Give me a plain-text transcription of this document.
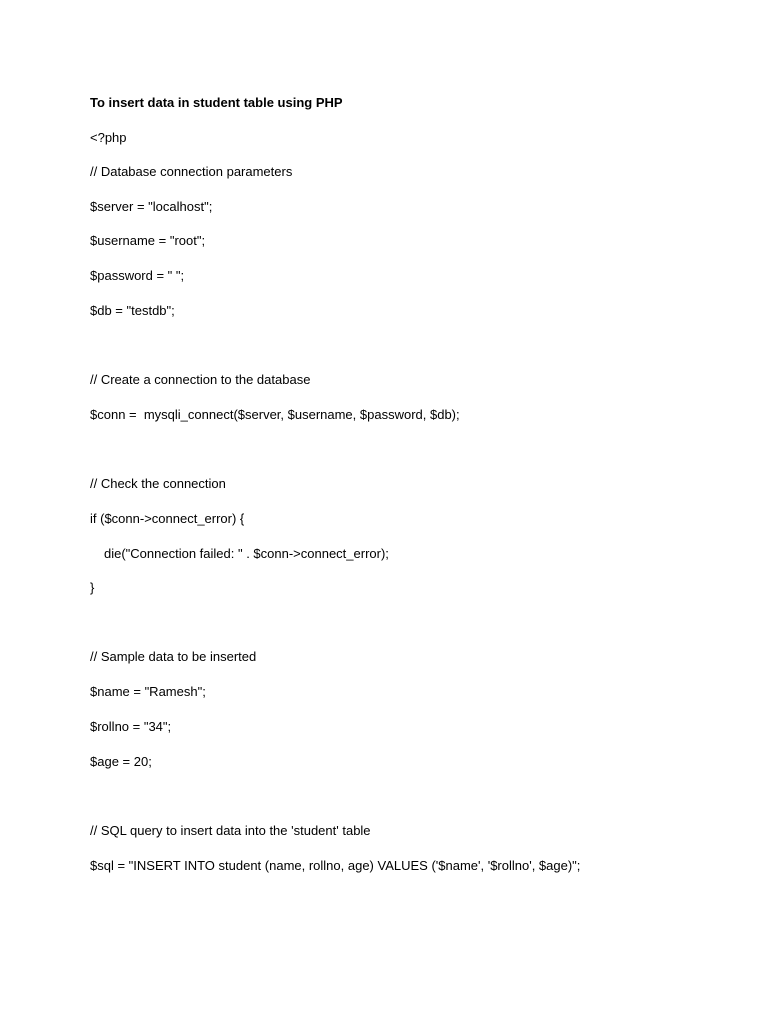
To insert data in student table using PHP
<?php
// Database connection parameters
$server = "localhost";
$username = "root";
$password = " ";
$db = "testdb";
// Create a connection to the database
$conn =  mysqli_connect($server, $username, $password, $db);
// Check the connection
if ($conn->connect_error) {
die("Connection failed: " . $conn->connect_error);
}
// Sample data to be inserted
$name = "Ramesh";
$rollno = "34";
$age = 20;
// SQL query to insert data into the 'student' table
$sql = "INSERT INTO student (name, rollno, age) VALUES ('$name', '$rollno', $age)";
